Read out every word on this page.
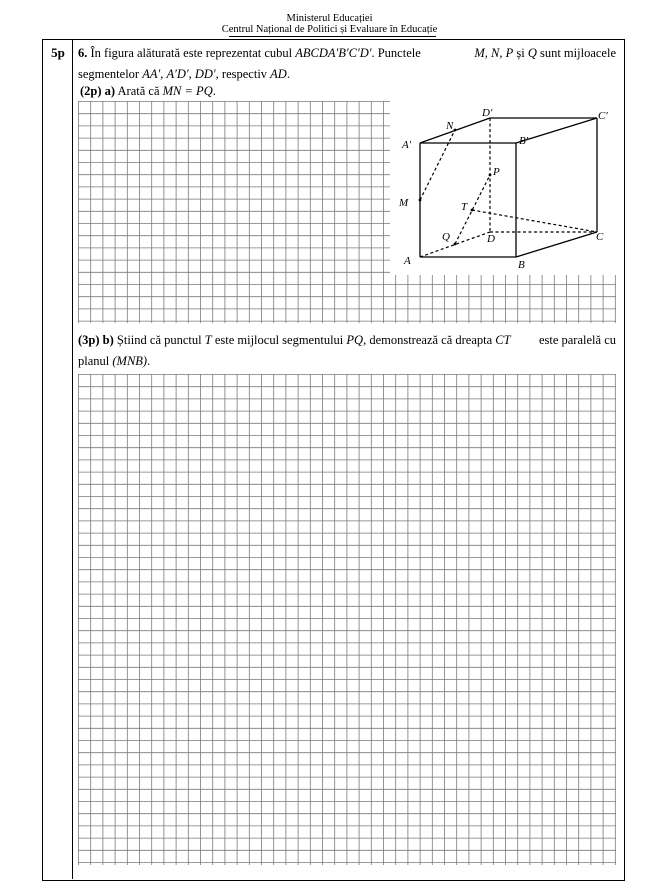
Ministerul Educației
Centrul Național de Politici și Evaluare în Educație
5p	6. În figura alăturată este reprezentat cubul ABCDA′B′C′D′. Punctele	M, N, P și Q sunt mijloacele
segmentelor AA′, A′D′, DD′, respectiv AD.
(2p) a) Arată că MN = PQ.
A′	B′
C′
D′
A	B
C
D
M
N
P
Q
T
(3p) b) Știind că punctul T este mijlocul segmentului PQ, demonstrează că dreapta CT este paralelă cu
planul (MNB).
